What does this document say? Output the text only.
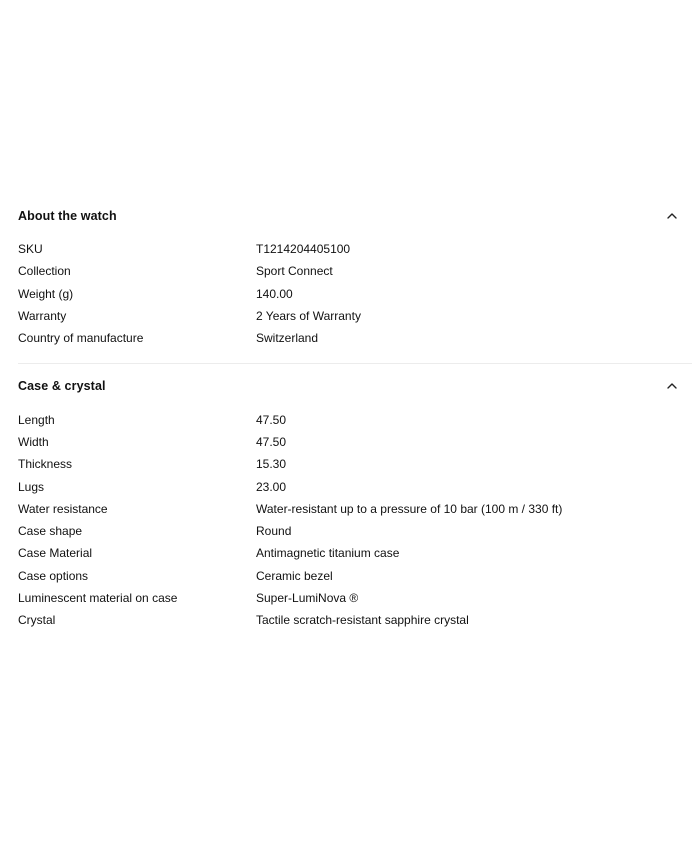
About the watch
SKU	T1214204405100
Collection	Sport Connect
Weight (g)	140.00
Warranty	2 Years of Warranty
Country of manufacture	Switzerland
Case & crystal
Length	47.50
Width	47.50
Thickness	15.30
Lugs	23.00
Water resistance	Water-resistant up to a pressure of 10 bar (100 m / 330 ft)
Case shape	Round
Case Material	Antimagnetic titanium case
Case options	Ceramic bezel
Luminescent material on case	Super-LumiNova ®
Crystal	Tactile scratch-resistant sapphire crystal
